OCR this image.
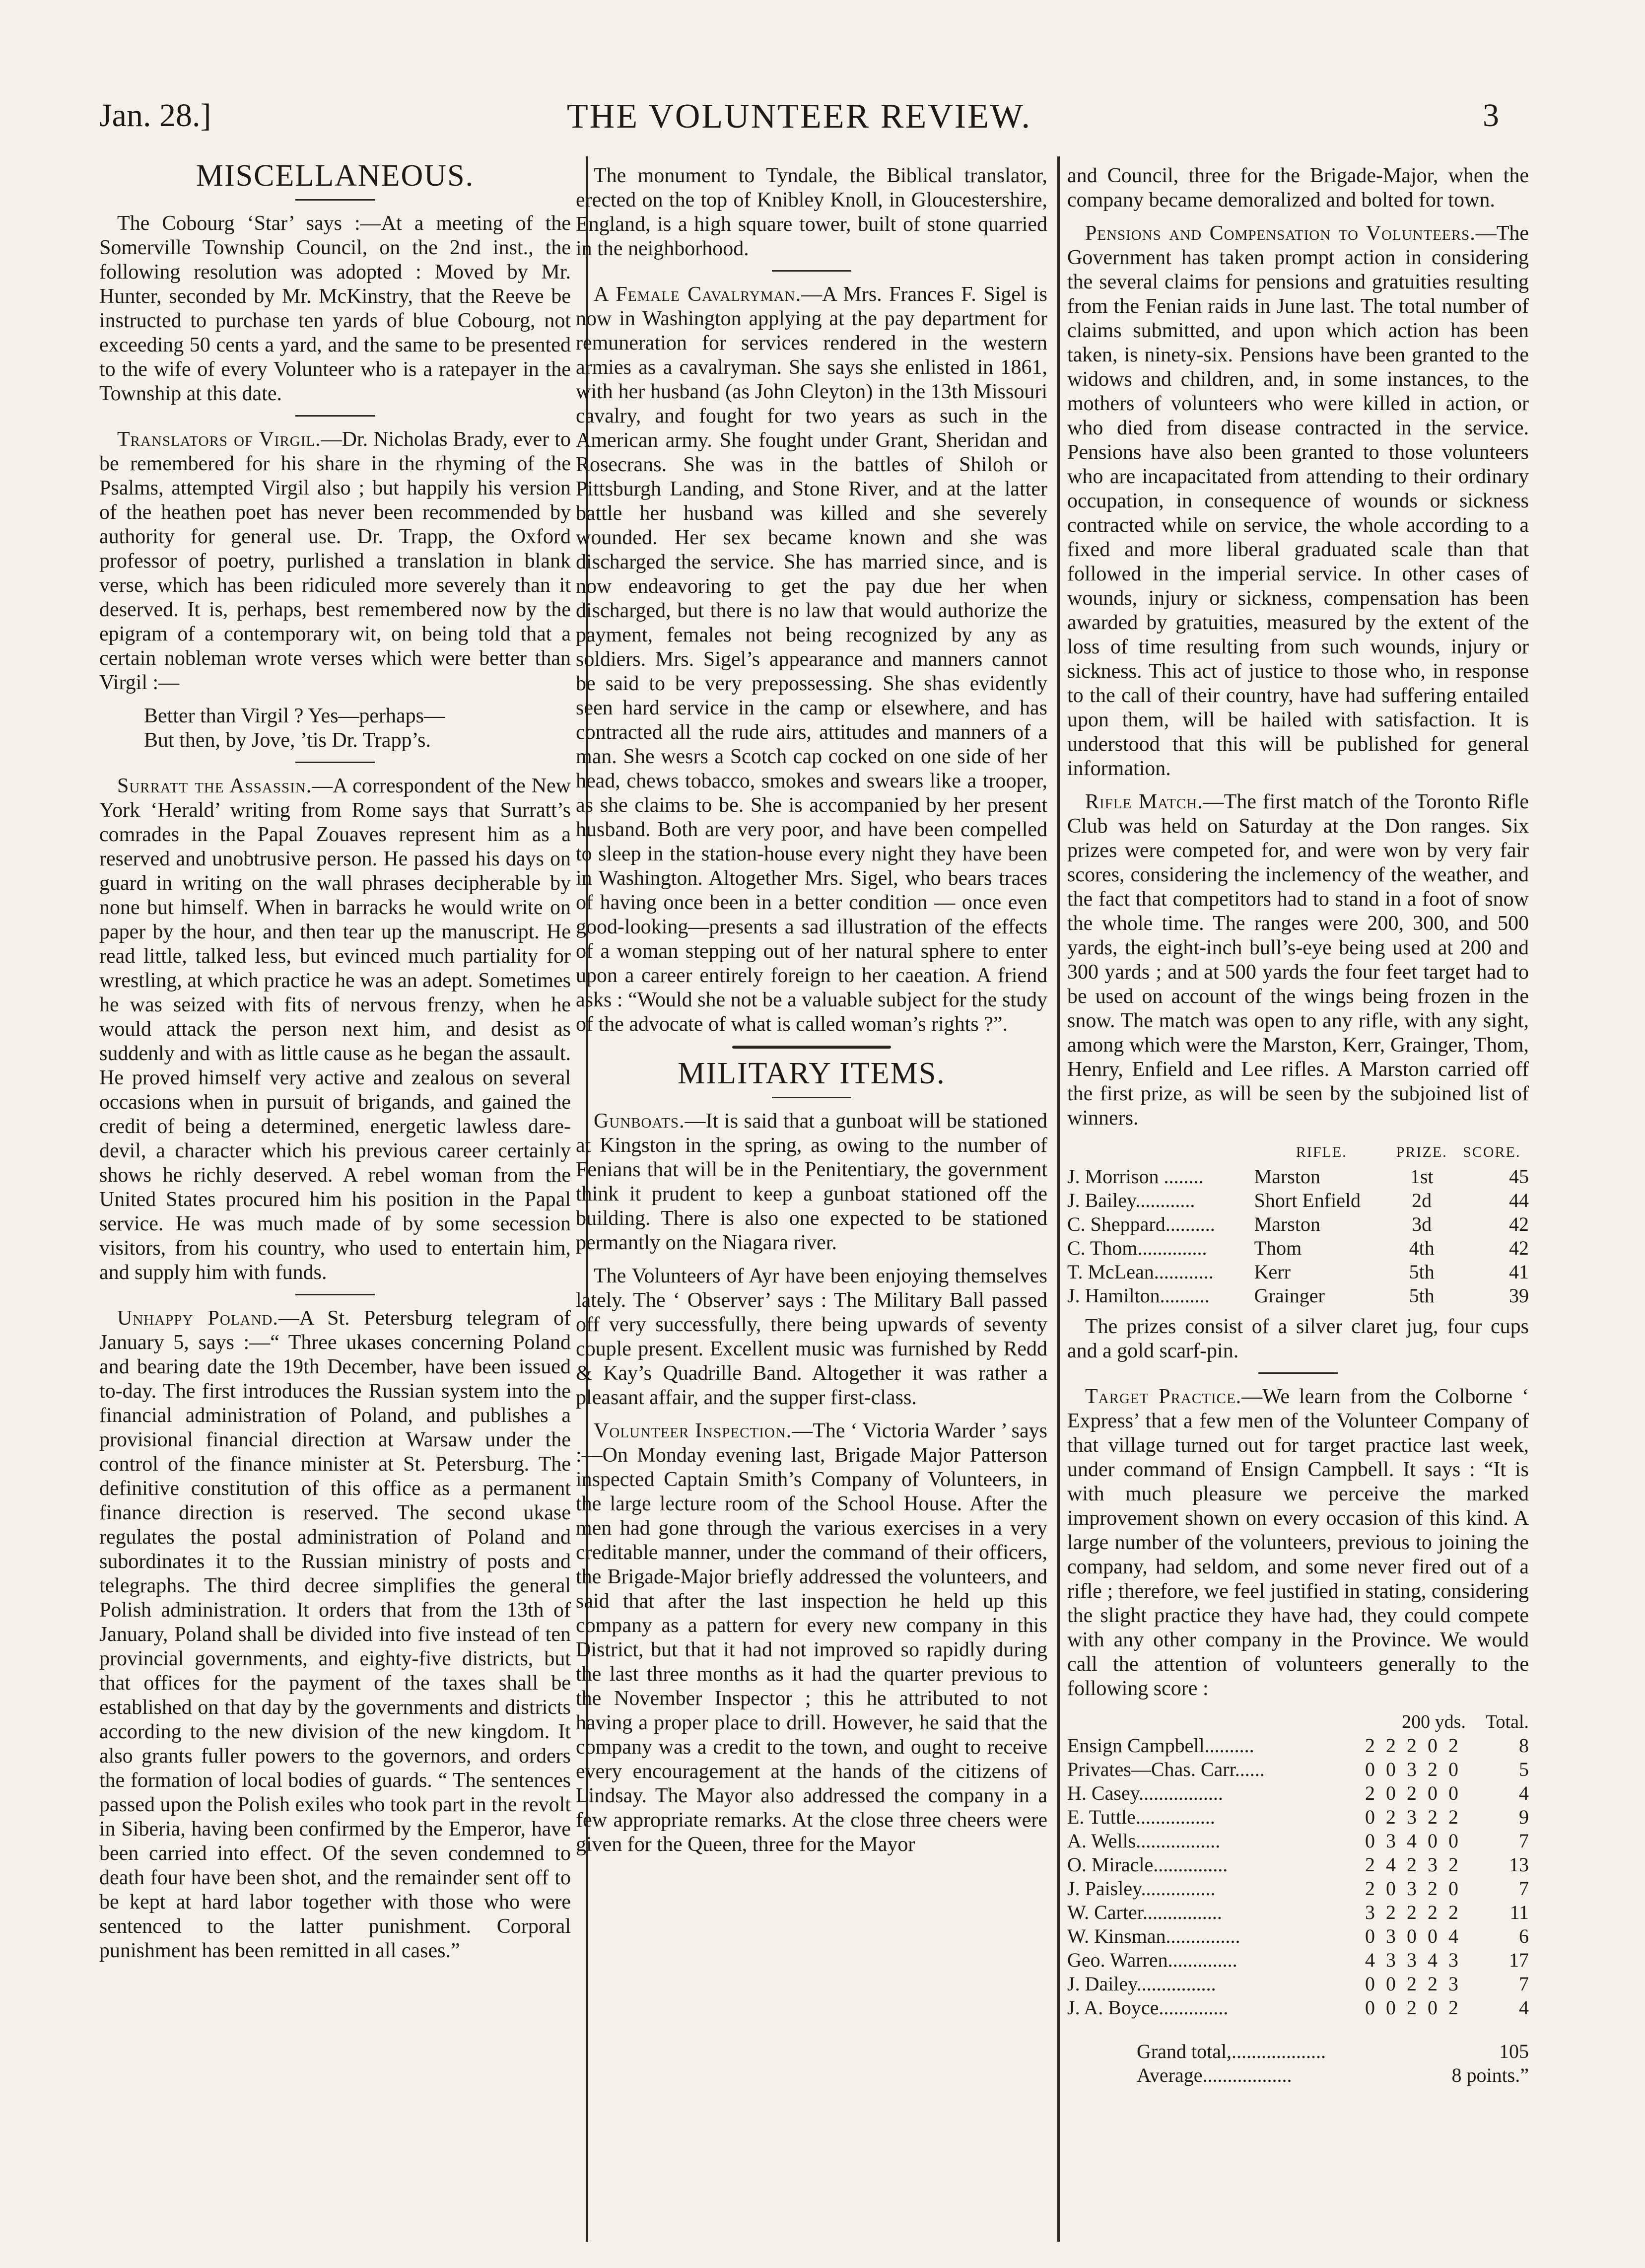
Jan. 28.]	THE VOLUNTEER REVIEW.	3
MISCELLANEOUS.

The Cobourg ‘Star’ says :—At a meeting of the Somerville Township Council, on the 2nd inst., the following resolution was adopted : Moved by Mr. Hunter, seconded by Mr. McKinstry, that the Reeve be instructed to purchase ten yards of blue Cobourg, not exceeding 50 cents a yard, and the same to be presented to the wife of every Volunteer who is a ratepayer in the Township at this date.

Translators of Virgil.—Dr. Nicholas Brady, ever to be remembered for his share in the rhyming of the Psalms, attempted Virgil also ; but happily his version of the heathen poet has never been recommended by authority for general use. Dr. Trapp, the Oxford professor of poetry, purlished a translation in blank verse, which has been ridiculed more severely than it deserved. It is, perhaps, best remembered now by the epigram of a contemporary wit, on being told that a certain nobleman wrote verses which were better than Virgil :—

Better than Virgil ? Yes—perhaps—
But then, by Jove, ’tis Dr. Trapp’s.

Surratt the Assassin.—A correspondent of the New York ‘Herald’ writing from Rome says that Surratt’s comrades in the Papal Zouaves represent him as a reserved and unobtrusive person. He passed his days on guard in writing on the wall phrases decipherable by none but himself. When in barracks he would write on paper by the hour, and then tear up the manuscript. He read little, talked less, but evinced much partiality for wrestling, at which practice he was an adept. Sometimes he was seized with fits of nervous frenzy, when he would attack the person next him, and desist as suddenly and with as little cause as he began the assault. He proved himself very active and zealous on several occasions when in pursuit of brigands, and gained the credit of being a determined, energetic lawless dare-devil, a character which his previous career certainly shows he richly deserved. A rebel woman from the United States procured him his position in the Papal service. He was much made of by some secession visitors, from his country, who used to entertain him, and supply him with funds.

Unhappy Poland.—A St. Petersburg telegram of January 5, says :—“ Three ukases concerning Poland and bearing date the 19th December, have been issued to-day. The first introduces the Russian system into the financial administration of Poland, and publishes a provisional financial direction at Warsaw under the control of the finance minister at St. Petersburg. The definitive constitution of this office as a permanent finance direction is reserved. The second ukase regulates the postal administration of Poland and subordinates it to the Russian ministry of posts and telegraphs. The third decree simplifies the general Polish administration. It orders that from the 13th of January, Poland shall be divided into five instead of ten provincial governments, and eighty-five districts, but that offices for the payment of the taxes shall be established on that day by the governments and districts according to the new division of the new kingdom. It also grants fuller powers to the governors, and orders the formation of local bodies of guards. “ The sentences passed upon the Polish exiles who took part in the revolt in Siberia, having been confirmed by the Emperor, have been carried into effect. Of the seven condemned to death four have been shot, and the remainder sent off to be kept at hard labor together with those who were sentenced to the latter punishment. Corporal punishment has been remitted in all cases.”

The monument to Tyndale, the Biblical translator, erected on the top of Knibley Knoll, in Gloucestershire, England, is a high square tower, built of stone quarried in the neighborhood.

A Female Cavalryman.—A Mrs. Frances F. Sigel is now in Washington applying at the pay department for remuneration for services rendered in the western armies as a cavalryman. She says she enlisted in 1861, with her husband (as John Cleyton) in the 13th Missouri cavalry, and fought for two years as such in the American army. She fought under Grant, Sheridan and Rosecrans. She was in the battles of Shiloh or Pittsburgh Landing, and Stone River, and at the latter battle her husband was killed and she severely wounded. Her sex became known and she was discharged the service. She has married since, and is now endeavoring to get the pay due her when discharged, but there is no law that would authorize the payment, females not being recognized by any as soldiers. Mrs. Sigel’s appearance and manners cannot be said to be very prepossessing. She shas evidently seen hard service in the camp or elsewhere, and has contracted all the rude airs, attitudes and manners of a man. She wesrs a Scotch cap cocked on one side of her head, chews tobacco, smokes and swears like a trooper, as she claims to be. She is accompanied by her present husband. Both are very poor, and have been compelled to sleep in the station-house every night they have been in Washington. Altogether Mrs. Sigel, who bears traces of having once been in a better condition — once even good-looking—presents a sad illustration of the effects of a woman stepping out of her natural sphere to enter upon a career entirely foreign to her caeation. A friend asks : “Would she not be a valuable subject for the study of the advocate of what is called woman’s rights ?”.

MILITARY ITEMS.

Gunboats.—It is said that a gunboat will be stationed at Kingston in the spring, as owing to the number of Fenians that will be in the Penitentiary, the government think it prudent to keep a gunboat stationed off the building. There is also one expected to be stationed permantly on the Niagara river.

The Volunteers of Ayr have been enjoying themselves lately. The ‘ Observer’ says : The Military Ball passed off very successfully, there being upwards of seventy couple present. Excellent music was furnished by Redd & Kay’s Quadrille Band. Altogether it was rather a pleasant affair, and the supper first-class.

Volunteer Inspection.—The ‘ Victoria Warder ’ says :—On Monday evening last, Brigade Major Patterson inspected Captain Smith’s Company of Volunteers, in the large lecture room of the School House. After the men had gone through the various exercises in a very creditable manner, under the command of their officers, the Brigade-Major briefly addressed the volunteers, and said that after the last inspection he held up this company as a pattern for every new company in this District, but that it had not improved so rapidly during the last three months as it had the quarter previous to the November Inspector ; this he attributed to not having a proper place to drill. However, he said that the company was a credit to the town, and ought to receive every encouragement at the hands of the citizens of Lindsay. The Mayor also addressed the company in a few appropriate remarks. At the close three cheers were given for the Queen, three for the Mayor

and Council, three for the Brigade-Major, when the company became demoralized and bolted for town.

Pensions and Compensation to Volunteers.—The Government has taken prompt action in considering the several claims for pensions and gratuities resulting from the Fenian raids in June last. The total number of claims submitted, and upon which action has been taken, is ninety-six. Pensions have been granted to the widows and children, and, in some instances, to the mothers of volunteers who were killed in action, or who died from disease contracted in the service. Pensions have also been granted to those volunteers who are incapacitated from attending to their ordinary occupation, in consequence of wounds or sickness contracted while on service, the whole according to a fixed and more liberal graduated scale than that followed in the imperial service. In other cases of wounds, injury or sickness, compensation has been awarded by gratuities, measured by the extent of the loss of time resulting from such wounds, injury or sickness. This act of justice to those who, in response to the call of their country, have had suffering entailed upon them, will be hailed with satisfaction. It is understood that this will be published for general information.

Rifle Match.—The first match of the Toronto Rifle Club was held on Saturday at the Don ranges. Six prizes were competed for, and were won by very fair scores, considering the inclemency of the weather, and the fact that competitors had to stand in a foot of snow the whole time. The ranges were 200, 300, and 500 yards, the eight-inch bull’s-eye being used at 200 and 300 yards ; and at 500 yards the four feet target had to be used on account of the wings being frozen in the snow. The match was open to any rifle, with any sight, among which were the Marston, Kerr, Grainger, Thom, Henry, Enfield and Lee rifles. A Marston carried off the first prize, as will be seen by the subjoined list of winners.

	RIFLE.	PRIZE.	SCORE.
J. Morrison ........	Marston	1st	45
J. Bailey............	Short Enfield	2d	44
C. Sheppard..........	Marston	3d	42
C. Thom..............	Thom	4th	42
T. McLean............	Kerr	5th	41
J. Hamilton..........	Grainger	5th	39

The prizes consist of a silver claret jug, four cups and a gold scarf-pin.

Target Practice.—We learn from the Colborne ‘ Express’ that a few men of the Volunteer Company of that village turned out for target practice last week, under command of Ensign Campbell. It says : “It is with much pleasure we perceive the marked improvement shown on every occasion of this kind. A large number of the volunteers, previous to joining the company, had seldom, and some never fired out of a rifle ; therefore, we feel justified in stating, considering the slight practice they have had, they could compete with any other company in the Province. We would call the attention of volunteers generally to the following score :

200 yds. Total.
Ensign Campbell..........	2 2 2 0 2	8
Privates—Chas. Carr......	0 0 3 2 0	5
H. Casey.................	2 0 2 0 0	4
E. Tuttle................	0 2 3 2 2	9
A. Wells.................	0 3 4 0 0	7
O. Miracle...............	2 4 2 3 2	13
J. Paisley...............	2 0 3 2 0	7
W. Carter................	3 2 2 2 2	11
W. Kinsman...............	0 3 0 0 4	6
Geo. Warren..............	4 3 3 4 3	17
J. Dailey................	0 0 2 2 3	7
J. A. Boyce..............	0 0 2 0 2	4
Grand total,...................	105
Average..................	8 points.”
